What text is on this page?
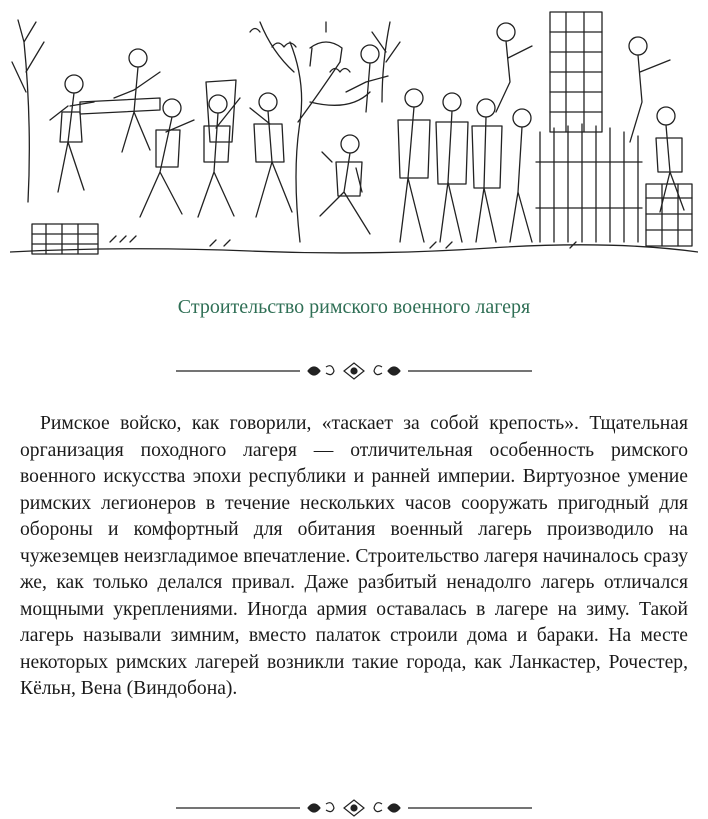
Строительство римского военного лагеря

Римское войско, как говорили, «таскает за собой крепость». Тщательная организация походного лагеря — отличительная особенность римского военного искусства эпохи республики и ранней империи. Виртуозное умение римских легионеров в течение нескольких часов сооружать пригодный для обороны и комфортный для обитания военный лагерь производило на чужеземцев неизгладимое впечатление. Строительство лагеря начиналось сразу же, как только делался привал. Даже разбитый ненадолго лагерь отличался мощными укреплениями. Иногда армия оставалась в лагере на зиму. Такой лагерь называли зимним, вместо палаток строили дома и бараки. На месте некоторых римских лагерей возникли такие города, как Ланкастер, Рочестер, Кёльн, Вена (Виндобона).
